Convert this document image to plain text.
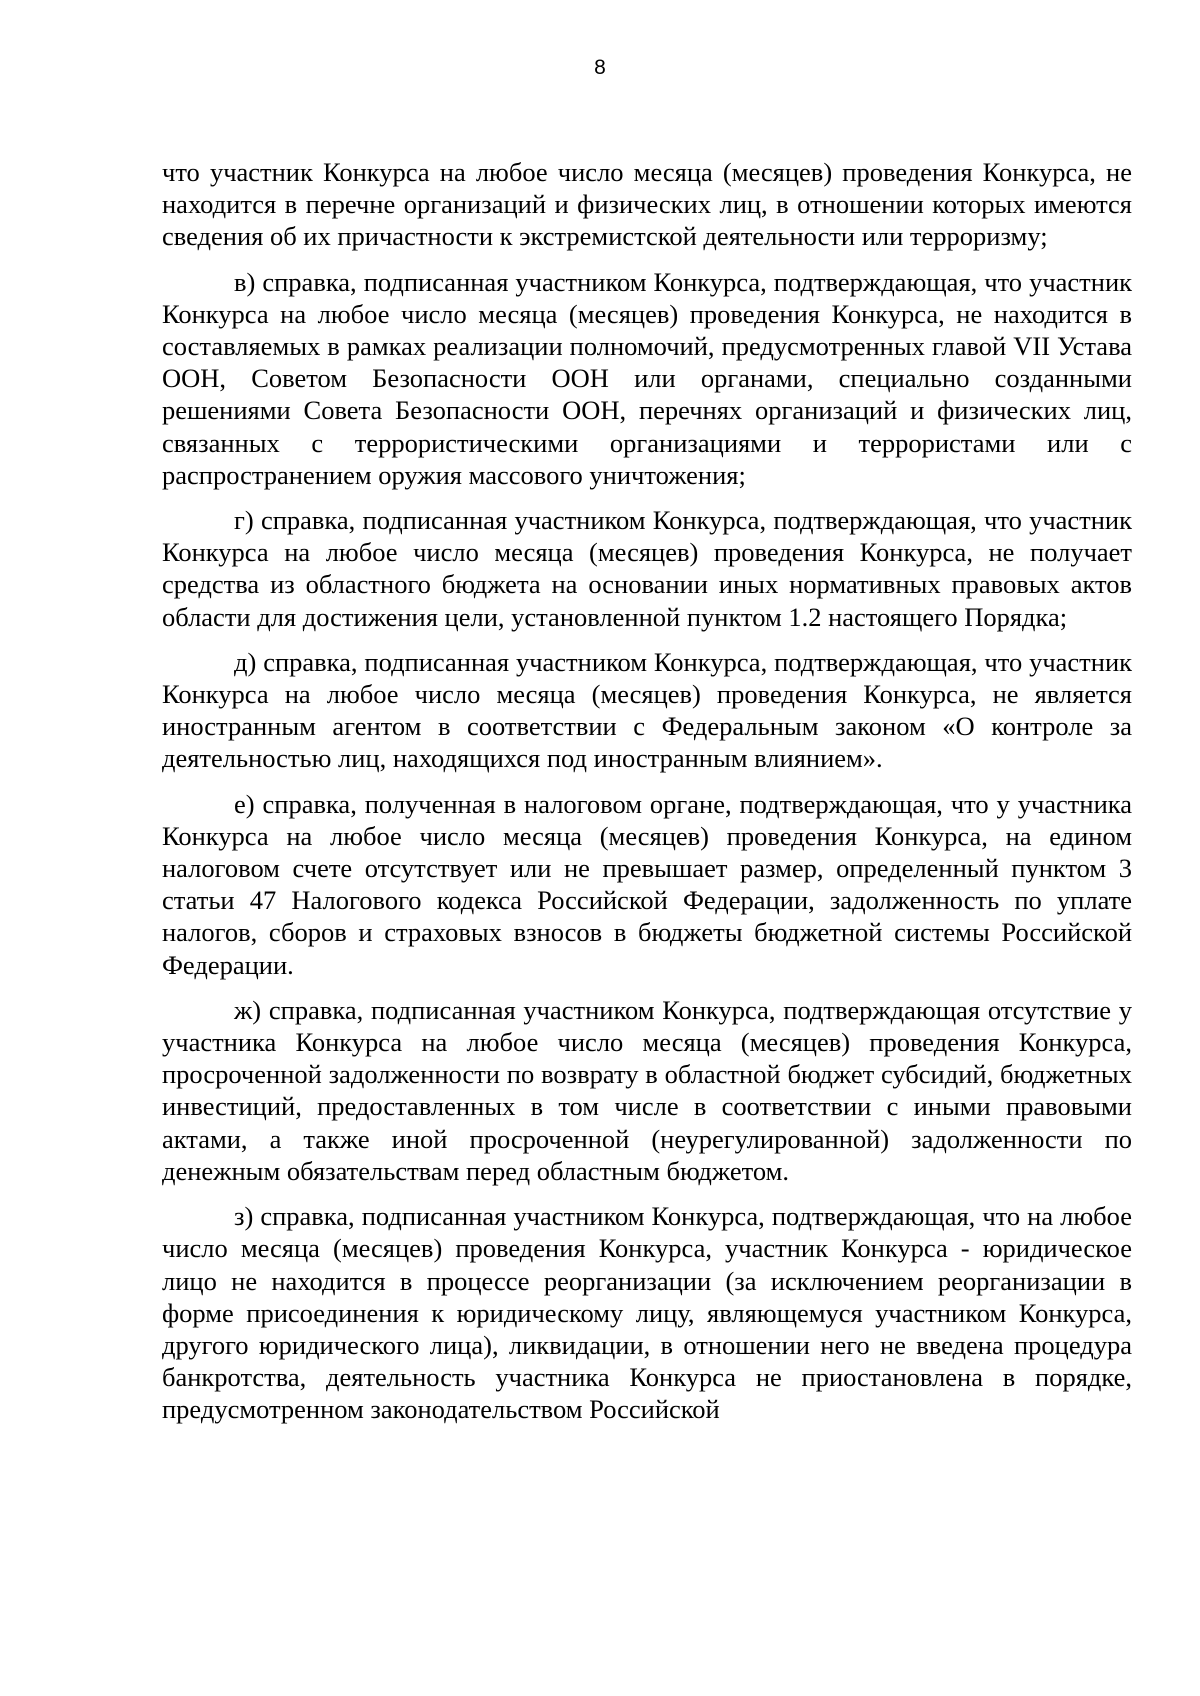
8

что участник Конкурса на любое число месяца (месяцев) проведения Конкурса, не находится в перечне организаций и физических лиц, в отношении которых имеются сведения об их причастности к экстремистской деятельности или терроризму;

в) справка, подписанная участником Конкурса, подтверждающая, что участник Конкурса на любое число месяца (месяцев) проведения Конкурса, не находится в составляемых в рамках реализации полномочий, предусмотренных главой VII Устава ООН, Советом Безопасности ООН или органами, специально созданными решениями Совета Безопасности ООН, перечнях организаций и физических лиц, связанных с террористическими организациями и террористами или с распространением оружия массового уничтожения;

г) справка, подписанная участником Конкурса, подтверждающая, что участник Конкурса на любое число месяца (месяцев) проведения Конкурса, не получает средства из областного бюджета на основании иных нормативных правовых актов области для достижения цели, установленной пунктом 1.2 настоящего Порядка;

д) справка, подписанная участником Конкурса, подтверждающая, что участник Конкурса на любое число месяца (месяцев) проведения Конкурса, не является иностранным агентом в соответствии с Федеральным законом «О контроле за деятельностью лиц, находящихся под иностранным влиянием».

е) справка, полученная в налоговом органе, подтверждающая, что у участника Конкурса на любое число месяца (месяцев) проведения Конкурса, на едином налоговом счете отсутствует или не превышает размер, определенный пунктом 3 статьи 47 Налогового кодекса Российской Федерации, задолженность по уплате налогов, сборов и страховых взносов в бюджеты бюджетной системы Российской Федерации.

ж) справка, подписанная участником Конкурса, подтверждающая отсутствие у участника Конкурса на любое число месяца (месяцев) проведения Конкурса, просроченной задолженности по возврату в областной бюджет субсидий, бюджетных инвестиций, предоставленных в том числе в соответствии с иными правовыми актами, а также иной просроченной (неурегулированной) задолженности по денежным обязательствам перед областным бюджетом.

з) справка, подписанная участником Конкурса, подтверждающая, что на любое число месяца (месяцев) проведения Конкурса, участник Конкурса - юридическое лицо не находится в процессе реорганизации (за исключением реорганизации в форме присоединения к юридическому лицу, являющемуся участником Конкурса, другого юридического лица), ликвидации, в отношении него не введена процедура банкротства, деятельность участника Конкурса не приостановлена в порядке, предусмотренном законодательством Российской
